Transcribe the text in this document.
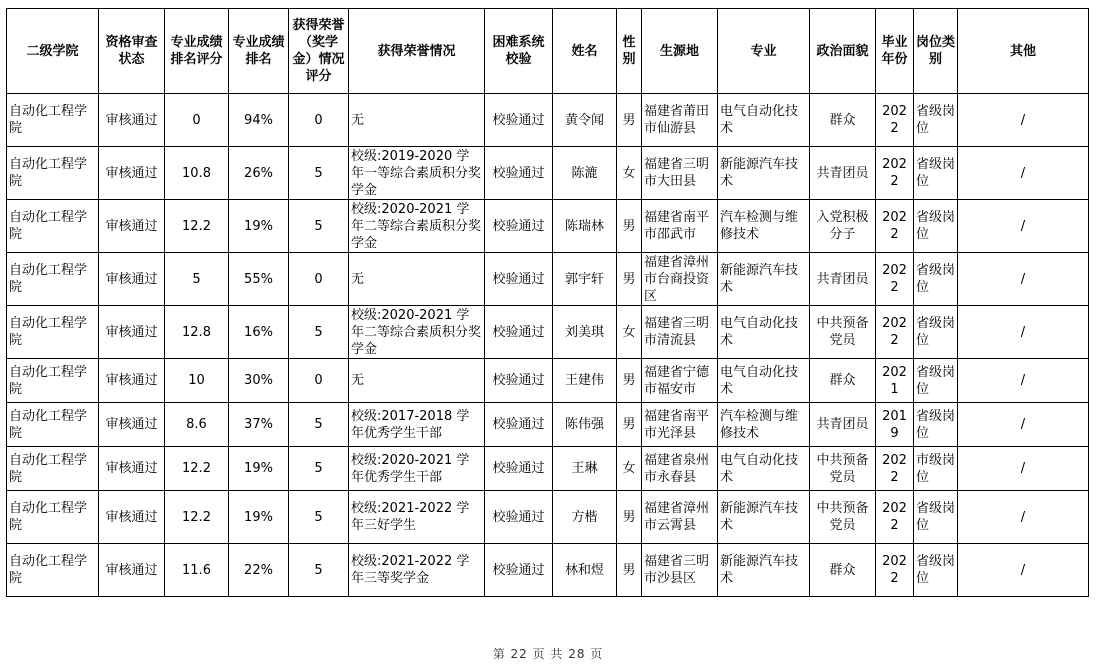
二级学院	资格审查状态	专业成绩排名评分	专业成绩排名	获得荣誉（奖学金）情况评分	获得荣誉情况	困难系统校验	姓名	性别	生源地	专业	政治面貌	毕业年份	岗位类别	其他
自动化工程学院	审核通过	0	94%	0	无	校验通过	黄令闻	男	福建省莆田市仙游县	电气自动化技术	群众	2022	省级岗位	/
自动化工程学院	审核通过	10.8	26%	5	校级:2019-2020 学年一等综合素质积分奖学金	校验通过	陈漉	女	福建省三明市大田县	新能源汽车技术	共青团员	2022	省级岗位	/
自动化工程学院	审核通过	12.2	19%	5	校级:2020-2021 学年二等综合素质积分奖学金	校验通过	陈瑞林	男	福建省南平市邵武市	汽车检测与维修技术	入党积极分子	2022	省级岗位	/
自动化工程学院	审核通过	5	55%	0	无	校验通过	郭宇轩	男	福建省漳州市台商投资区	新能源汽车技术	共青团员	2022	省级岗位	/
自动化工程学院	审核通过	12.8	16%	5	校级:2020-2021 学年二等综合素质积分奖学金	校验通过	刘美琪	女	福建省三明市清流县	电气自动化技术	中共预备党员	2022	省级岗位	/
自动化工程学院	审核通过	10	30%	0	无	校验通过	王建伟	男	福建省宁德市福安市	电气自动化技术	群众	2021	省级岗位	/
自动化工程学院	审核通过	8.6	37%	5	校级:2017-2018 学年优秀学生干部	校验通过	陈伟强	男	福建省南平市光泽县	汽车检测与维修技术	共青团员	2019	省级岗位	/
自动化工程学院	审核通过	12.2	19%	5	校级:2020-2021 学年优秀学生干部	校验通过	王琳	女	福建省泉州市永春县	电气自动化技术	中共预备党员	2022	市级岗位	/
自动化工程学院	审核通过	12.2	19%	5	校级:2021-2022 学年三好学生	校验通过	方楷	男	福建省漳州市云霄县	新能源汽车技术	中共预备党员	2022	省级岗位	/
自动化工程学院	审核通过	11.6	22%	5	校级:2021-2022 学年三等奖学金	校验通过	林和煜	男	福建省三明市沙县区	新能源汽车技术	群众	2022	省级岗位	/
第 22 页 共 28 页
